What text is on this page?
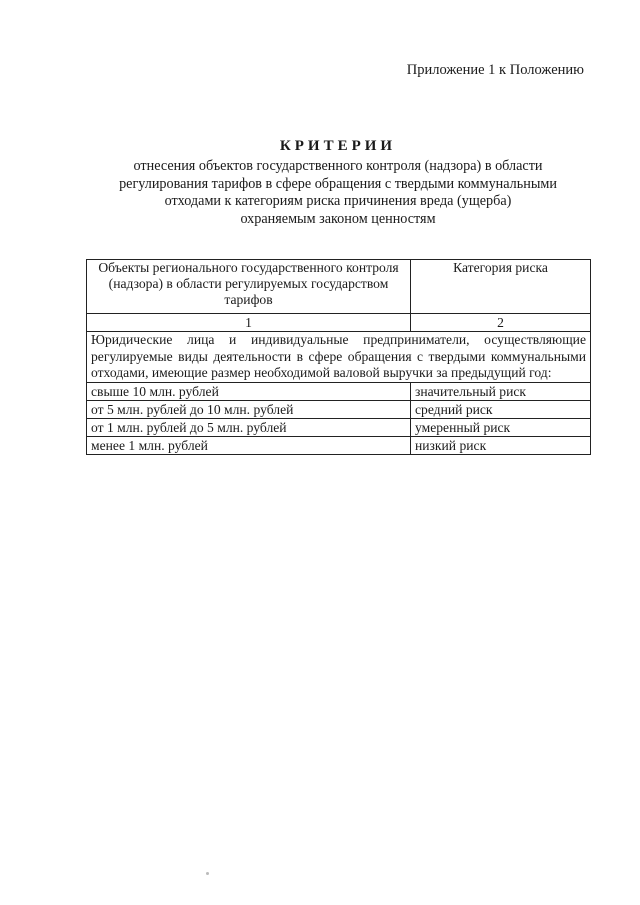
Приложение 1 к Положению
КРИТЕРИИ
отнесения объектов государственного контроля (надзора) в области
регулирования тарифов в сфере обращения с твердыми коммунальными
отходами к категориям риска причинения вреда (ущерба)
охраняемым законом ценностям
Объекты регионального государственного контроля (надзора) в области регулируемых государством тарифов	Категория риска
1	2
Юридические лица и индивидуальные предприниматели, осуществляющие регулируемые виды деятельности в сфере обращения с твердыми коммунальными отходами, имеющие размер необходимой валовой выручки за предыдущий год:	
свыше 10 млн. рублей	значительный риск
от 5 млн. рублей до 10 млн. рублей	средний риск
от 1 млн. рублей до 5 млн. рублей	умеренный риск
менее 1 млн. рублей	низкий риск
